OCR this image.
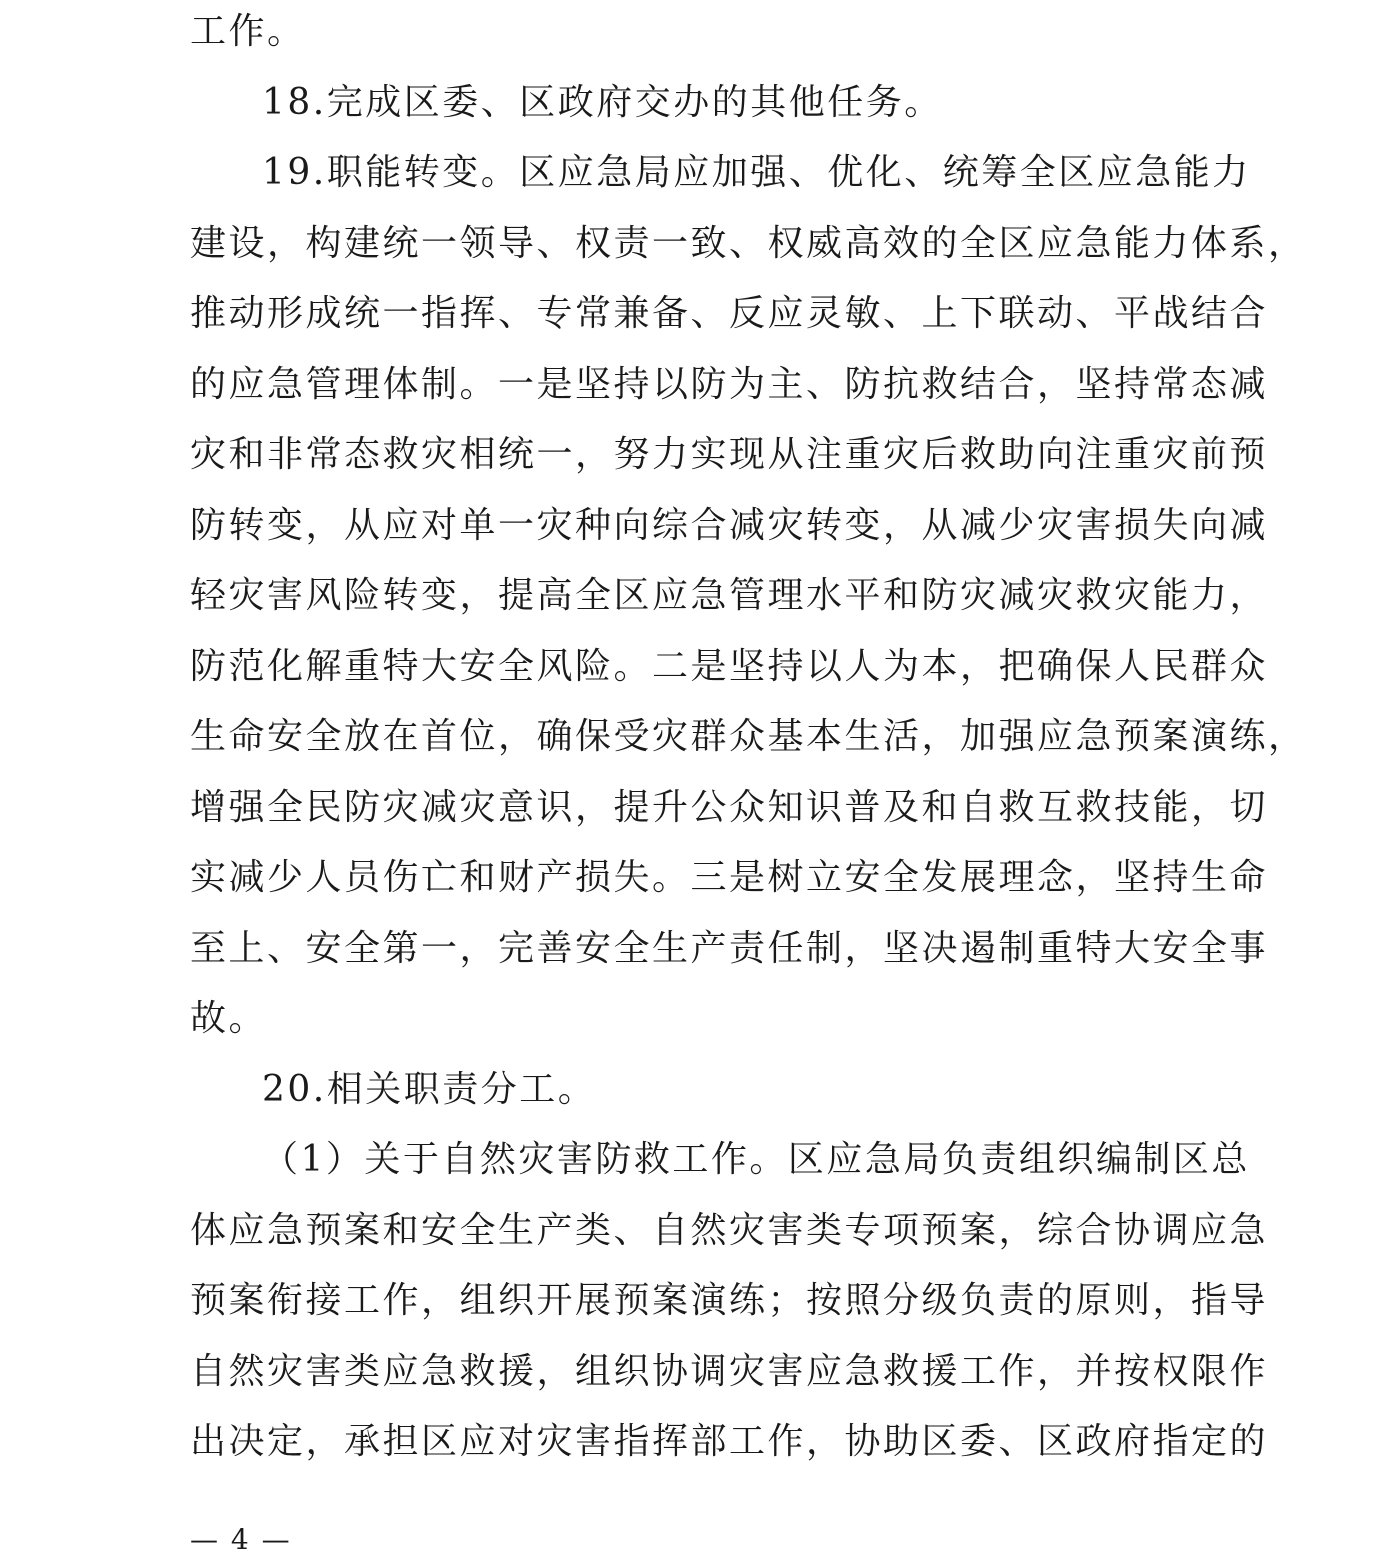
工作。
18.完成区委、区政府交办的其他任务。
19.职能转变。区应急局应加强、优化、统筹全区应急能力
建设，构建统一领导、权责一致、权威高效的全区应急能力体系，
推动形成统一指挥、专常兼备、反应灵敏、上下联动、平战结合
的应急管理体制。一是坚持以防为主、防抗救结合，坚持常态减
灾和非常态救灾相统一，努力实现从注重灾后救助向注重灾前预
防转变，从应对单一灾种向综合减灾转变，从减少灾害损失向减
轻灾害风险转变，提高全区应急管理水平和防灾减灾救灾能力，
防范化解重特大安全风险。二是坚持以人为本，把确保人民群众
生命安全放在首位，确保受灾群众基本生活，加强应急预案演练，
增强全民防灾减灾意识，提升公众知识普及和自救互救技能，切
实减少人员伤亡和财产损失。三是树立安全发展理念，坚持生命
至上、安全第一，完善安全生产责任制，坚决遏制重特大安全事
故。
20.相关职责分工。
（1）关于自然灾害防救工作。区应急局负责组织编制区总
体应急预案和安全生产类、自然灾害类专项预案，综合协调应急
预案衔接工作，组织开展预案演练；按照分级负责的原则，指导
自然灾害类应急救援，组织协调灾害应急救援工作，并按权限作
出决定，承担区应对灾害指挥部工作，协助区委、区政府指定的
— 4 —
